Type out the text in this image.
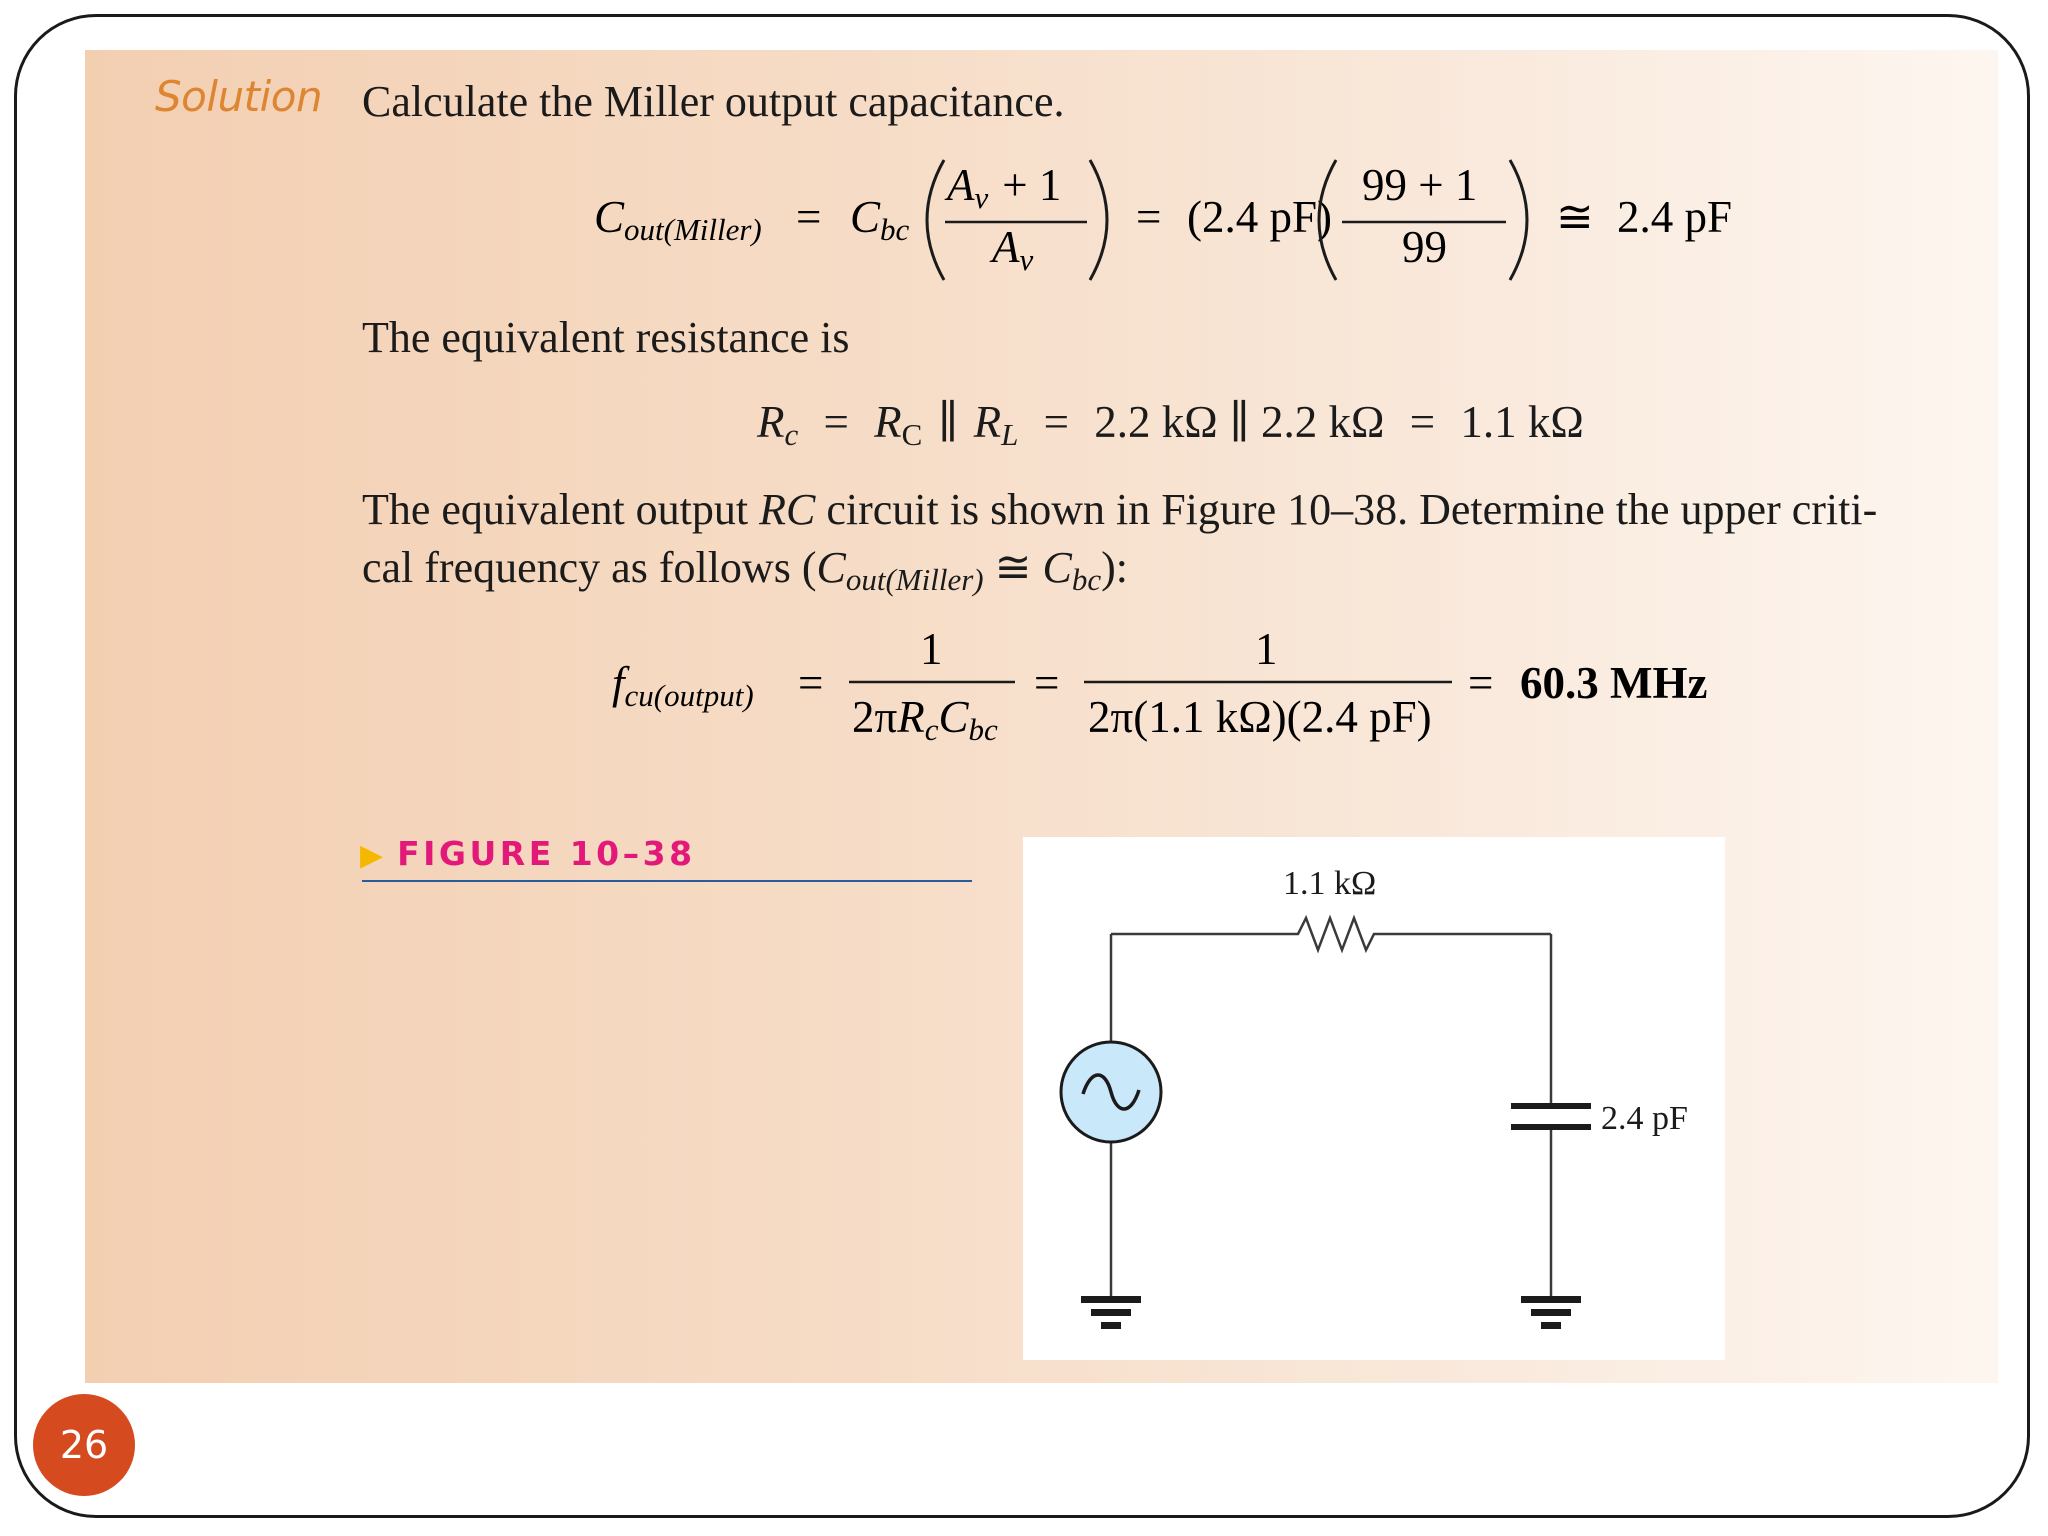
Solution Calculate the Miller output capacitance.
Cout(Miller) = Cbc
Av + 1
Av
= (2.4 pF)
99 + 1
99
≅ 2.4 pF
The equivalent resistance is
$R_c = R_C$ ∥ $R_L = 2.2$ kΩ ∥ 2.2 kΩ = 1.1 kΩ
The equivalent output RC circuit is shown in Figure 10–38. Determine the upper criti-
cal frequency as follows ($C_{out(Miller)}$ ≅ $C_{bc}$):
fcu(output) =
1
2πRcCbc
=
1
2π(1.1 kΩ)(2.4 pF)
= 60.3 MHz
▶ FIGURE 10–38
1.1 kΩ
2.4 pF
26
